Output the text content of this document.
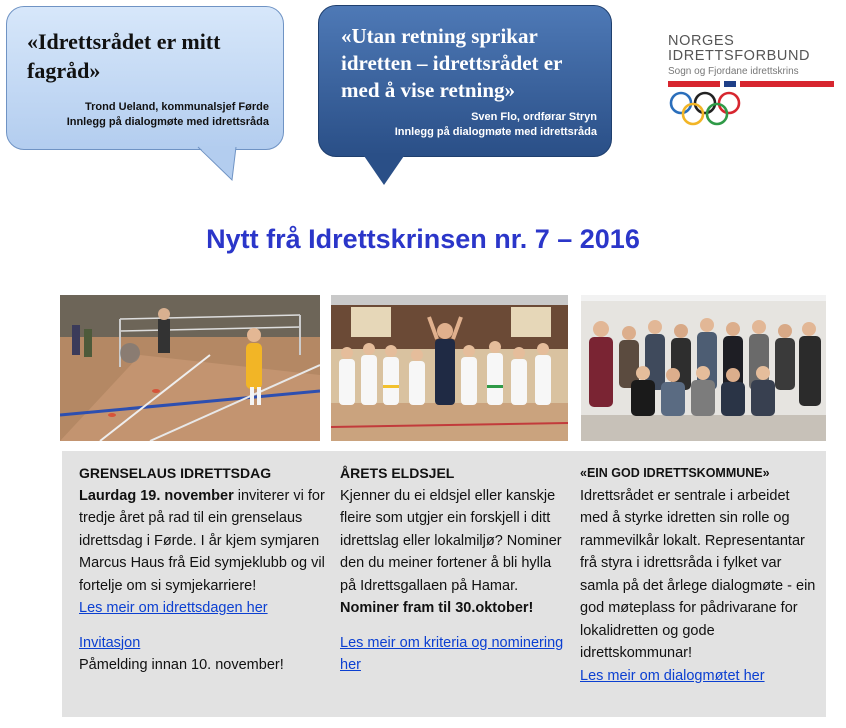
«Idrettsrådet er mitt fagråd»
Trond Ueland, kommunalsjef Førde
Innlegg på dialogmøte med idrettsråda
«Utan retning sprikar idretten – idrettsrådet er med å vise retning»
Sven Flo, ordførar Stryn
Innlegg på dialogmøte med idrettsråda
NORGES
IDRETTSFORBUND
Sogn og Fjordane idrettskrins
Nytt frå Idrettskrinsen nr. 7 – 2016
GRENSELAUS IDRETTSDAG
Laurdag 19. november inviterer vi for tredje året på rad til ein grenselaus idrettsdag i Førde. I år kjem symjaren Marcus Haus frå Eid symjeklubb og vil fortelje om si symjekarriere!
Les meir om idrettsdagen her
Invitasjon
Påmelding innan 10. november!
ÅRETS ELDSJEL
Kjenner du ei eldsjel eller kanskje fleire som utgjer ein forskjell i ditt idrettslag eller lokalmiljø? Nominer den du meiner fortener å bli hylla på Idrettsgallaen på Hamar.
Nominer fram til 30.oktober!
Les meir om kriteria og nominering her
«EIN GOD IDRETTSKOMMUNE»
Idrettsrådet er sentrale i arbeidet med å styrke idretten sin rolle og rammevilkår lokalt. Representantar frå styra i idrettsråda i fylket var samla på det årlege dialogmøte - ein god møteplass for pådrivarane for lokalidretten og gode idrettskommunar!
Les meir om dialogmøtet her
